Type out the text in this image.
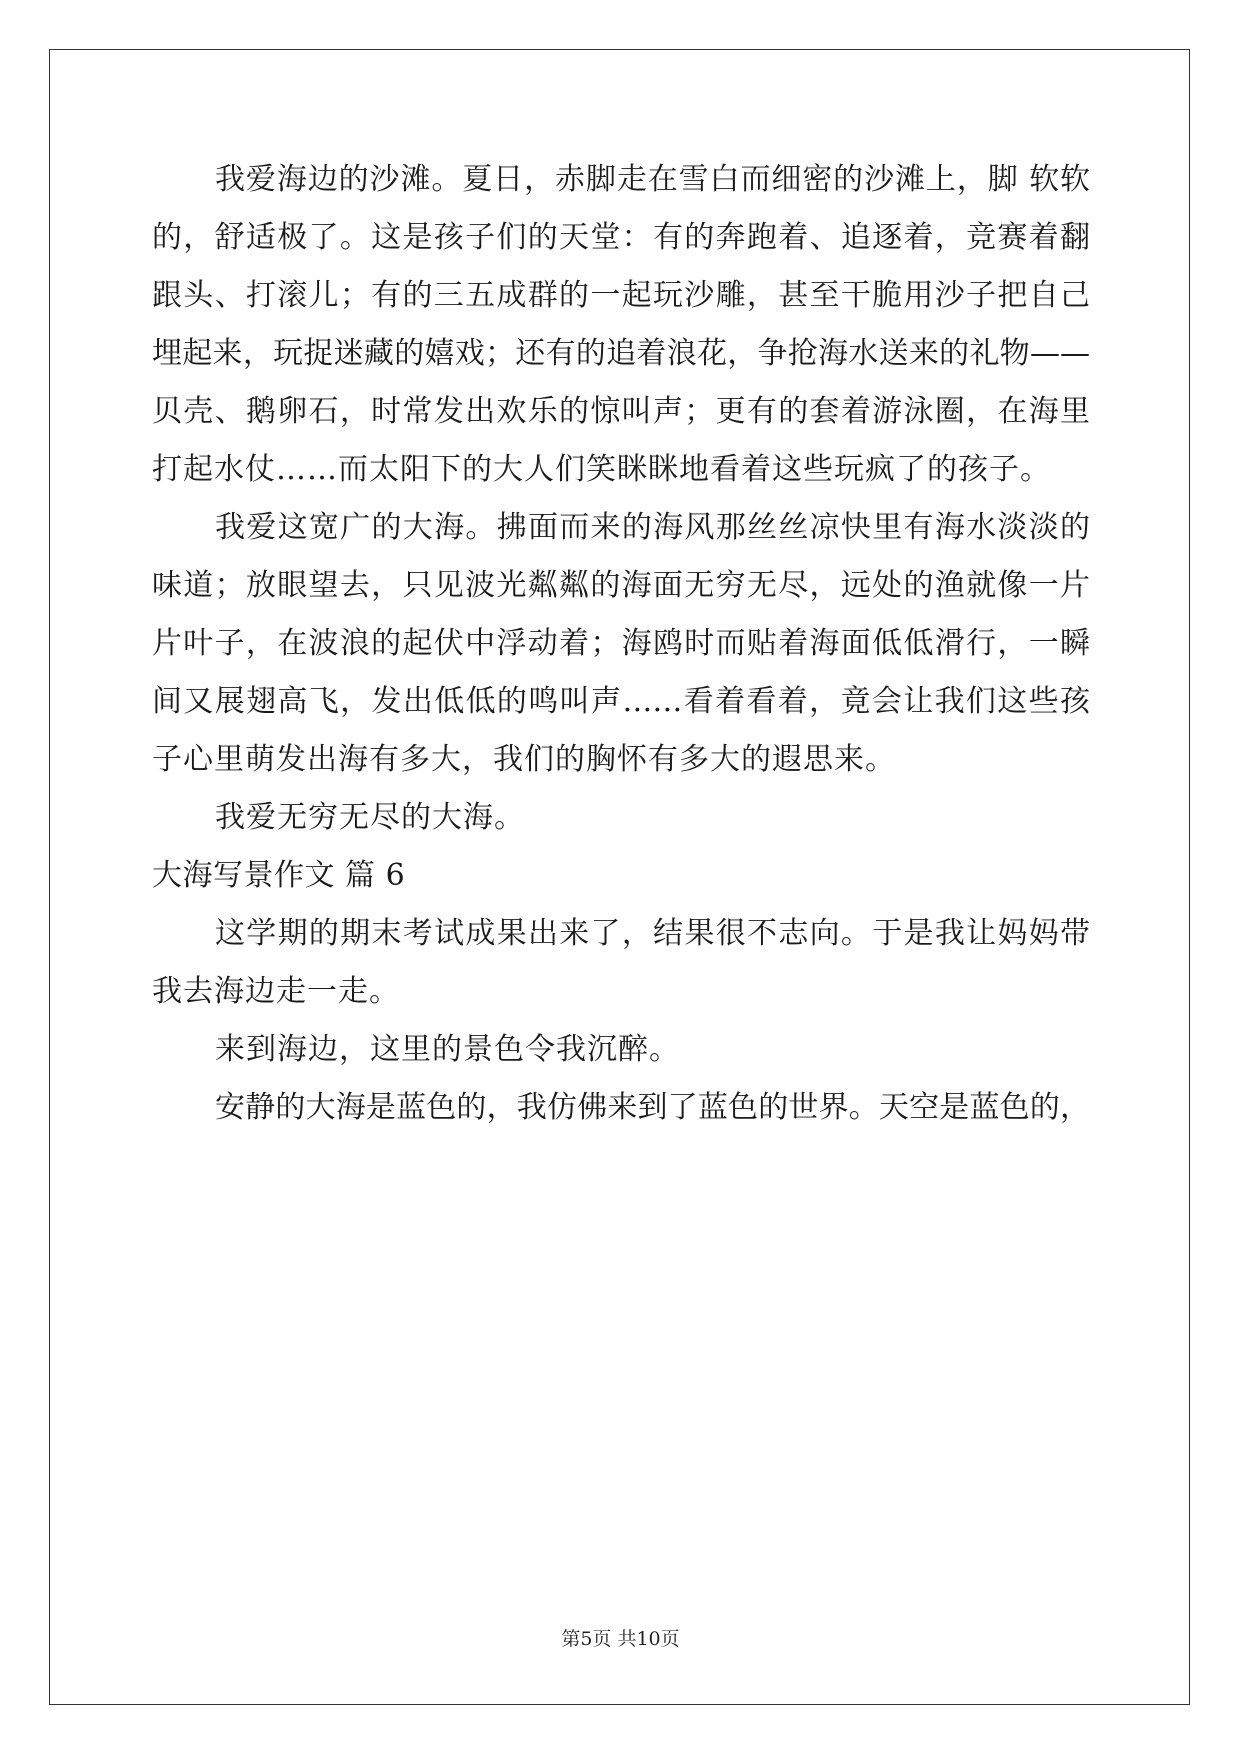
我爱海边的沙滩。夏日，赤脚走在雪白而细密的沙滩上，脚 软软
的，舒适极了。这是孩子们的天堂：有的奔跑着、追逐着，竞赛着翻
跟头、打滚儿；有的三五成群的一起玩沙雕，甚至干脆用沙子把自己
埋起来，玩捉迷藏的嬉戏；还有的追着浪花，争抢海水送来的礼物——
贝壳、鹅卵石，时常发出欢乐的惊叫声；更有的套着游泳圈，在海里
打起水仗……而太阳下的大人们笑眯眯地看着这些玩疯了的孩子。
我爱这宽广的大海。拂面而来的海风那丝丝凉快里有海水淡淡的
味道；放眼望去，只见波光粼粼的海面无穷无尽，远处的渔就像一片
片叶子，在波浪的起伏中浮动着；海鸥时而贴着海面低低滑行，一瞬
间又展翅高飞，发出低低的鸣叫声……看着看着，竟会让我们这些孩
子心里萌发出海有多大，我们的胸怀有多大的遐思来。
我爱无穷无尽的大海。
大海写景作文 篇 6
这学期的期末考试成果出来了，结果很不志向。于是我让妈妈带
我去海边走一走。
来到海边，这里的景色令我沉醉。
安静的大海是蓝色的，我仿佛来到了蓝色的世界。天空是蓝色的，
第5页 共10页
